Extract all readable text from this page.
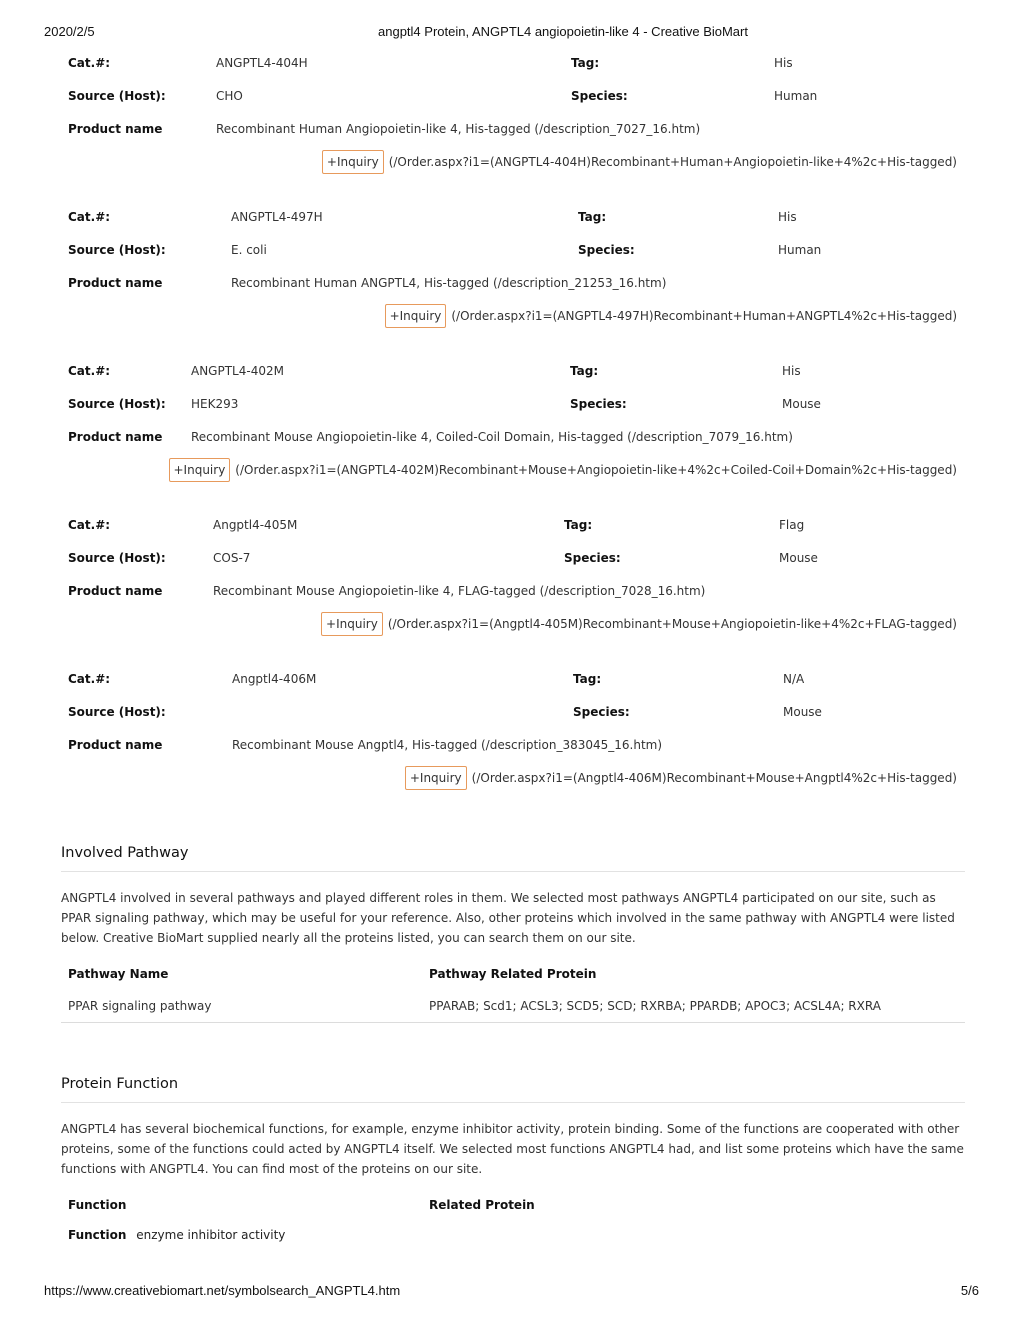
2020/2/5	angptl4 Protein, ANGPTL4 angiopoietin-like 4 - Creative BioMart
Cat.#:	ANGPTL4-404H	Tag:	His
Source (Host):	CHO	Species:	Human
Product name	Recombinant Human Angiopoietin-like 4, His-tagged (/description_7027_16.htm)
+Inquiry (/Order.aspx?i1=(ANGPTL4-404H)Recombinant+Human+Angiopoietin-like+4%2c+His-tagged)
Cat.#:	ANGPTL4-497H	Tag:	His
Source (Host):	E. coli	Species:	Human
Product name	Recombinant Human ANGPTL4, His-tagged (/description_21253_16.htm)
+Inquiry (/Order.aspx?i1=(ANGPTL4-497H)Recombinant+Human+ANGPTL4%2c+His-tagged)
Cat.#:	ANGPTL4-402M	Tag:	His
Source (Host): HEK293	Species:	Mouse
Product name Recombinant Mouse Angiopoietin-like 4, Coiled-Coil Domain, His-tagged (/description_7079_16.htm)
+Inquiry (/Order.aspx?i1=(ANGPTL4-402M)Recombinant+Mouse+Angiopoietin-like+4%2c+Coiled-Coil+Domain%2c+His-tagged)
Cat.#:	Angptl4-405M	Tag:	Flag
Source (Host):	COS-7	Species:	Mouse
Product name	Recombinant Mouse Angiopoietin-like 4, FLAG-tagged (/description_7028_16.htm)
+Inquiry (/Order.aspx?i1=(Angptl4-405M)Recombinant+Mouse+Angiopoietin-like+4%2c+FLAG-tagged)
Cat.#:	Angptl4-406M	Tag:	N/A
Source (Host):	Species:	Mouse
Product name	Recombinant Mouse Angptl4, His-tagged (/description_383045_16.htm)
+Inquiry (/Order.aspx?i1=(Angptl4-406M)Recombinant+Mouse+Angptl4%2c+His-tagged)
Involved Pathway

ANGPTL4 involved in several pathways and played different roles in them. We selected most pathways ANGPTL4 participated on our site, such as PPAR signaling pathway, which may be useful for your reference. Also, other proteins which involved in the same pathway with ANGPTL4 were listed below. Creative BioMart supplied nearly all the proteins listed, you can search them on our site.

Pathway Name	Pathway Related Protein
PPAR signaling pathway	PPARAB; Scd1; ACSL3; SCD5; SCD; RXRBA; PPARDB; APOC3; ACSL4A; RXRA
Protein Function

ANGPTL4 has several biochemical functions, for example, enzyme inhibitor activity, protein binding. Some of the functions are cooperated with other proteins, some of the functions could acted by ANGPTL4 itself. We selected most functions ANGPTL4 had, and list some proteins which have the same functions with ANGPTL4. You can find most of the proteins on our site.

Function	Related Protein
Function enzyme inhibitor activity
https://www.creativebiomart.net/symbolsearch_ANGPTL4.htm	5/6
